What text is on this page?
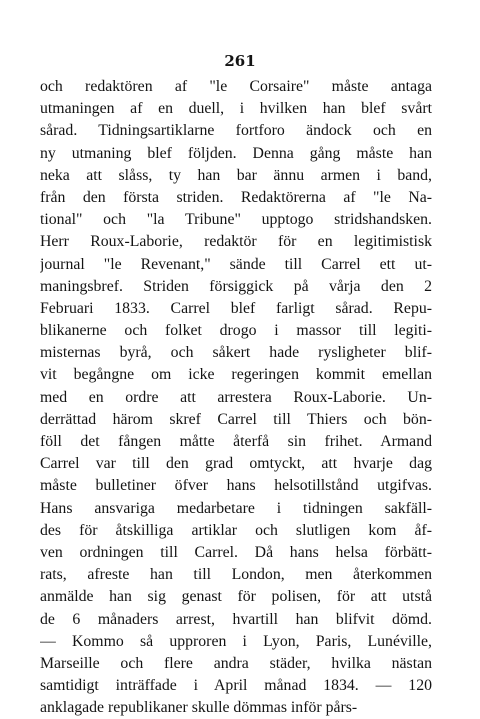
261
och redaktören af "le Corsaire" måste antaga
utmaningen af en duell, i hvilken han blef svårt
sårad. Tidningsartiklarne fortforo ändock och en
ny utmaning blef följden. Denna gång måste han
neka att slåss, ty han bar ännu armen i band,
från den första striden. Redaktörerna af "le Na-
tional" och "la Tribune" upptogo stridshandsken.
Herr Roux-Laborie, redaktör för en legitimistisk
journal "le Revenant," sände till Carrel ett ut-
maningsbref. Striden försiggick på vårja den 2
Februari 1833. Carrel blef farligt sårad. Repu-
blikanerne och folket drogo i massor till legiti-
misternas byrå, och såkert hade rysligheter blif-
vit begångne om icke regeringen kommit emellan
med en ordre att arrestera Roux-Laborie. Un-
derrättad härom skref Carrel till Thiers och bön-
föll det fången måtte återfå sin frihet. Armand
Carrel var till den grad omtyckt, att hvarje dag
måste bulletiner öfver hans helsotillstånd utgifvas.
Hans ansvariga medarbetare i tidningen sakfäll-
des för åtskilliga artiklar och slutligen kom åf-
ven ordningen till Carrel. Då hans helsa förbätt-
rats, afreste han till London, men återkommen
anmälde han sig genast för polisen, för att utstå
de 6 månaders arrest, hvartill han blifvit dömd.
— Kommo så upproren i Lyon, Paris, Lunéville,
Marseille och flere andra städer, hvilka nästan
samtidigt inträffade i April månad 1834. — 120
anklagade republikaner skulle dömmas inför pårs-
